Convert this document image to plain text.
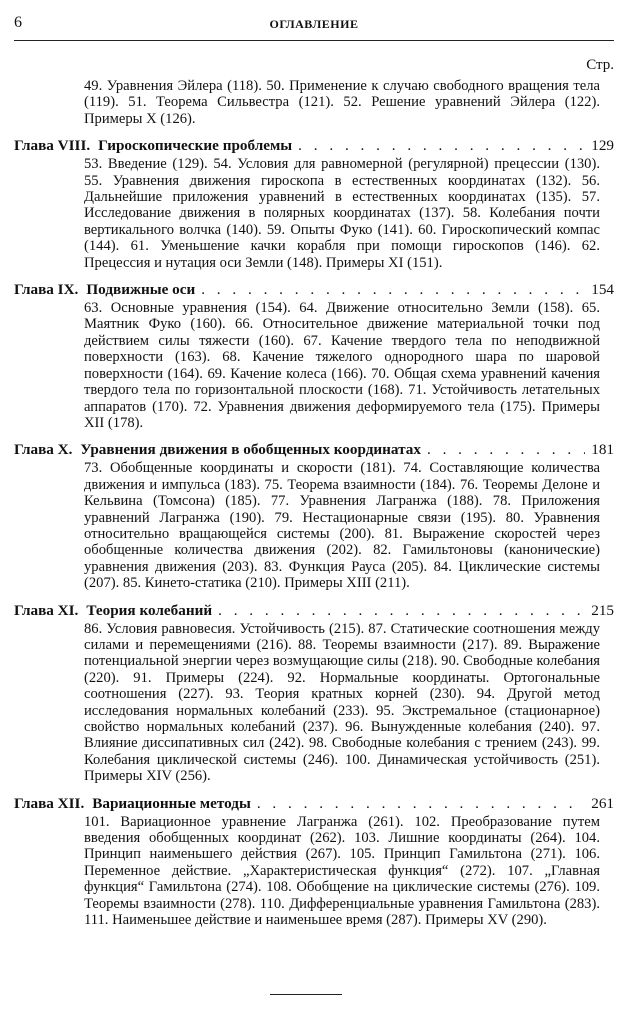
6	ОГЛАВЛЕНИЕ
Стр.

49. Уравнения Эйлера (118). 50. Применение к случаю свободного вращения тела (119). 51. Теорема Сильвестра (121). 52. Решение уравнений Эйлера (122). Примеры X (126).

Глава VIII. Гироскопические проблемы . . .	129

53. Введение (129). 54. Условия для равномерной (регулярной) прецессии (130). 55. Уравнения движения гироскопа в естественных координатах (132). 56. Дальнейшие приложения уравнений в естественных координатах (135). 57. Исследование движения в полярных координатах (137). 58. Колебания почти вертикального волчка (140). 59. Опыты Фуко (141). 60. Гироскопический компас (144). 61. Уменьшение качки корабля при помощи гироскопов (146). 62. Прецессия и нутация оси Земли (148). Примеры XI (151).

Глава IX. Подвижные оси . . .	154

63. Основные уравнения (154). 64. Движение относительно Земли (158). 65. Маятник Фуко (160). 66. Относительное движение материальной точки под действием силы тяжести (160). 67. Качение твердого тела по неподвижной поверхности (163). 68. Качение тяжелого однородного шара по шаровой поверхности (164). 69. Качение колеса (166). 70. Общая схема уравнений качения твердого тела по горизонтальной плоскости (168). 71. Устойчивость летательных аппаратов (170). 72. Уравнения движения деформируемого тела (175). Примеры XII (178).

Глава X. Уравнения движения в обобщенных координатах . . .	181

73. Обобщенные координаты и скорости (181). 74. Составляющие количества движения и импульса (183). 75. Теорема взаимности (184). 76. Теоремы Делоне и Кельвина (Томсона) (185). 77. Уравнения Лагранжа (188). 78. Приложения уравнений Лагранжа (190). 79. Нестационарные связи (195). 80. Уравнения относительно вращающейся системы (200). 81. Выражение скоростей через обобщенные количества движения (202). 82. Гамильтоновы (канонические) уравнения движения (203). 83. Функция Рауса (205). 84. Циклические системы (207). 85. Кинето-статика (210). Примеры XIII (211).

Глава XI. Теория колебаний . . .	215

86. Условия равновесия. Устойчивость (215). 87. Статические соотношения между силами и перемещениями (216). 88. Теоремы взаимности (217). 89. Выражение потенциальной энергии через возмущающие силы (218). 90. Свободные колебания (220). 91. Примеры (224). 92. Нормальные координаты. Ортогональные соотношения (227). 93. Теория кратных корней (230). 94. Другой метод исследования нормальных колебаний (233). 95. Экстремальное (стационарное) свойство нормальных колебаний (237). 96. Вынужденные колебания (240). 97. Влияние диссипативных сил (242). 98. Свободные колебания с трением (243). 99. Колебания циклической системы (246). 100. Динамическая устойчивость (251). Примеры XIV (256).

Глава XII. Вариационные методы . . .	261

101. Вариационное уравнение Лагранжа (261). 102. Преобразование путем введения обобщенных координат (262). 103. Лишние координаты (264). 104. Принцип наименьшего действия (267). 105. Принцип Гамильтона (271). 106. Переменное действие. „Характеристическая функция“ (272). 107. „Главная функция“ Гамильтона (274). 108. Обобщение на циклические системы (276). 109. Теоремы взаимности (278). 110. Дифференциальные уравнения Гамильтона (283). 111. Наименьшее действие и наименьшее время (287). Примеры XV (290).
